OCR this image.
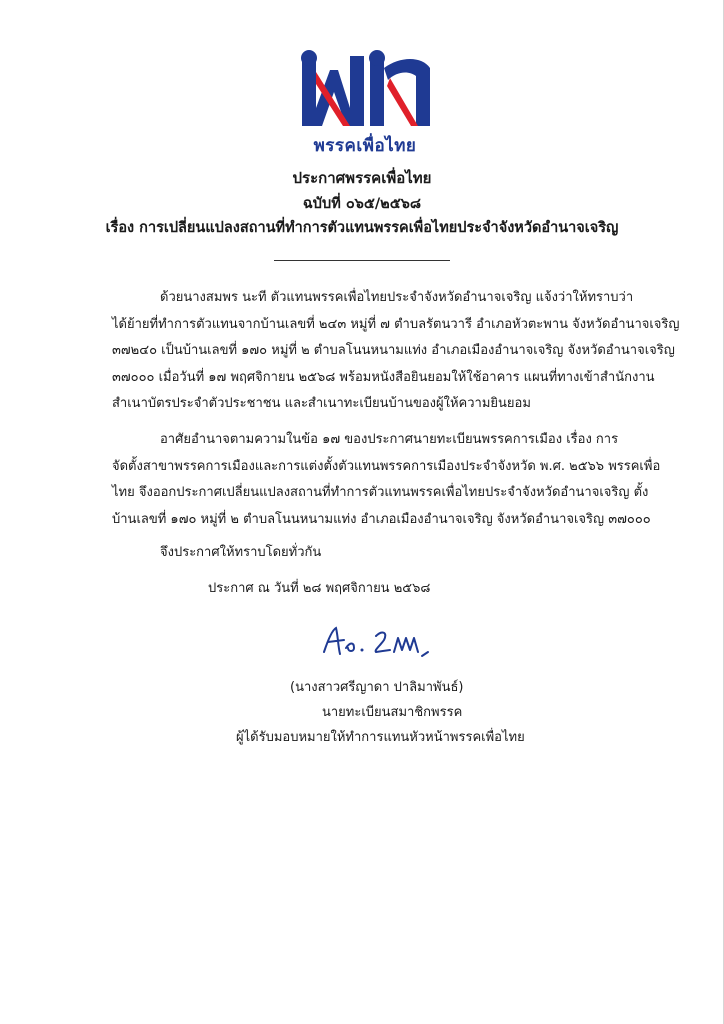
พรรคเพื่อไทย
ประกาศพรรคเพื่อไทย
ฉบับที่ ๐๖๕/๒๕๖๘
เรื่อง การเปลี่ยนแปลงสถานที่ทำการตัวแทนพรรคเพื่อไทยประจำจังหวัดอำนาจเจริญ
ด้วยนางสมพร นะที ตัวแทนพรรคเพื่อไทยประจำจังหวัดอำนาจเจริญ แจ้งว่าให้ทราบว่า
ได้ย้ายที่ทำการตัวแทนจากบ้านเลขที่ ๒๔๓ หมู่ที่ ๗ ตำบลรัตนวารี อำเภอหัวตะพาน จังหวัดอำนาจเจริญ
๓๗๒๔๐ เป็นบ้านเลขที่ ๑๗๐ หมู่ที่ ๒ ตำบลโนนหนามแท่ง อำเภอเมืองอำนาจเจริญ จังหวัดอำนาจเจริญ
๓๗๐๐๐ เมื่อวันที่ ๑๗ พฤศจิกายน ๒๕๖๘ พร้อมหนังสือยินยอมให้ใช้อาคาร แผนที่ทางเข้าสำนักงาน
สำเนาบัตรประจำตัวประชาชน และสำเนาทะเบียนบ้านของผู้ให้ความยินยอม
อาศัยอำนาจตามความในข้อ ๑๗ ของประกาศนายทะเบียนพรรคการเมือง เรื่อง การ
จัดตั้งสาขาพรรคการเมืองและการแต่งตั้งตัวแทนพรรคการเมืองประจำจังหวัด พ.ศ. ๒๕๖๖ พรรคเพื่อ
ไทย จึงออกประกาศเปลี่ยนแปลงสถานที่ทำการตัวแทนพรรคเพื่อไทยประจำจังหวัดอำนาจเจริญ ตั้ง
บ้านเลขที่ ๑๗๐ หมู่ที่ ๒ ตำบลโนนหนามแท่ง อำเภอเมืองอำนาจเจริญ จังหวัดอำนาจเจริญ ๓๗๐๐๐
จึงประกาศให้ทราบโดยทั่วกัน
ประกาศ ณ วันที่ ๒๘ พฤศจิกายน ๒๕๖๘
(นางสาวศรีญาดา ปาลิมาพันธ์)
นายทะเบียนสมาชิกพรรค
ผู้ได้รับมอบหมายให้ทำการแทนหัวหน้าพรรคเพื่อไทย
